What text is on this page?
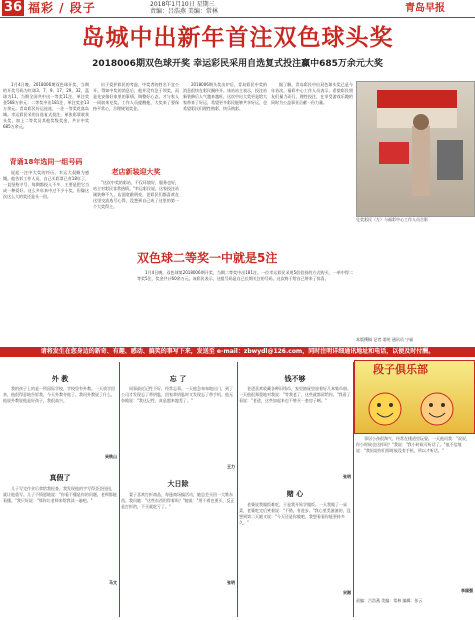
36 福彩 / 段子	2018年1月10日 星期三
责编：吕浩燕 美编：常林	青岛早报
岛城中出新年首注双色球头奖
2018006期双色球开奖 幸运彩民采用自选复式投注赢中685万余元大奖
1月4日晚，2018006期双色球开奖，当期的开奖号码为红球3、7、9、17、29、32，蓝球为11。当期全国共中出一等奖11注，单注奖金568万余元；二等奖中出181注，单注奖金13万余元。青岛彩民好运连连，一注一等奖花落岛城。幸运彩民采用自选复式投注，单张彩票收获头奖，加上二等奖及其他奖级奖金，共计中奖685万余元。
背诵18年选同一组号码
说起一注中大奖的经历，幸运大叔颇为感慨。他告诉工作人员，自己买彩票已有18年了，一直坚持守号，每期都投入不多，主要是把它当成一种爱好。这么多年来中过不少小奖，但像这次这么大的奖还是头一回。
出于爱护彩民的考虑，中奖者的姓名不宜公开。得知中奖的消息后，他并没有急于领奖，而是先安排好家里的事情，调整好心态，才与家人一同前来兑奖。工作人员提醒他，大奖来了要保持平常心，合理规划奖金。
老店新装迎大奖
"这次中奖的彩站，不仅环境好，服务也好，站主对彩民非常热情。"幸运彩民说，这家投注站刚装修不久，店面宽敞明亮，老彩民们都喜欢在这里交流选号心得，没想到自己成了这里的第一个大奖得主。
2018006期头奖出炉后，青岛彩民中奖的消息很快在彩民圈传开。该站站主表示，投注站新装修后人气越来越旺，这次中出大奖更是给大家带来了好运，希望更多彩民能够共享好运，也希望彩民们理性购彩、快乐购彩。
据了解，青岛彩民中出双色球头奖已是今年首次。福彩中心工作人员表示，希望彩民朋友们量力而行、理性投注，在享受游戏乐趣的同时为公益事业贡献一份力量。
兑奖彩民（左）与福彩中心工作人员合影
双色球二等奖一中就是5注
1月4日晚，双色球第2018006期开奖，当期二等奖中出181注。一位幸运彩民采用5倍倍投的方式购买，一举中得二等奖5注，奖金共计60余万元。该彩民表示，这组号码是自己长期关注的号码，这次终于给自己带来了惊喜。
本版撰稿 记者 姜明 通讯员 宁福
请将发生在您身边的新奇、有趣、感动、搞笑的事写下来，发送至 e-mail：zbwydl@126.com，同时注明详细通讯地址和电话，以便及时付酬。
外 教
我的孩子上的是一所国际学校，学校里有外教。一天放学回来，他很得意地告诉我，今天外教夸他了。我问外教说了什么，他说外教说他是好孩子，我很高兴。
吴铁山
真假了
儿子写完作业后拿给我检查，我发现他的字写得歪歪扭扭，就让他重写。儿子不情愿地说："你看不懂是你的问题，老师都能看懂。"我只好说："那你让老师来给我读一遍吧。"
马文
忘 了
同事最近记性不好，经常忘事。一天他急匆匆地出门，到了公司才发现忘了带钥匙，回家拿钥匙时又发现忘了带手机。他无奈地说："我这记性，真是越来越差了。"
王力
大日除
妻子喜欢打折商品，每逢商场搞活动，她总会买回一大堆东西。我问她："这些东西用得着吗？"她说："用不着也要买，反正是打折的，不买就吃亏了。"
张明
钱不够
老爸喜欢收藏各种旧钱币，家里抽屉里放着好几本集币册。一天他很郑重地对我说："等我老了，这些就都留给你。"我看了看说："老爸，这些加起来也不够买一套房子啊。"
张明
赌 心
老婆说我做饭难吃，于是我开始学做饭。一天我做了一桌菜，老婆吃完后笑着说："不错，有进步。"我心里美滋滋的，没想到第二天她又说："今天还是你做吧，我想看看你能坚持多久。"
宋湘
段子俱乐部
邻居小孩很淘气，经常在楼道里玩耍。一天他问我："叔叔，你小时候也这样吗？"我说："我小时候可听话了。"他不信地说："我妈说你们那时候没有手机，所以才听话。"
李国强
责编：吕浩燕 美编：常林 编辑：张云
